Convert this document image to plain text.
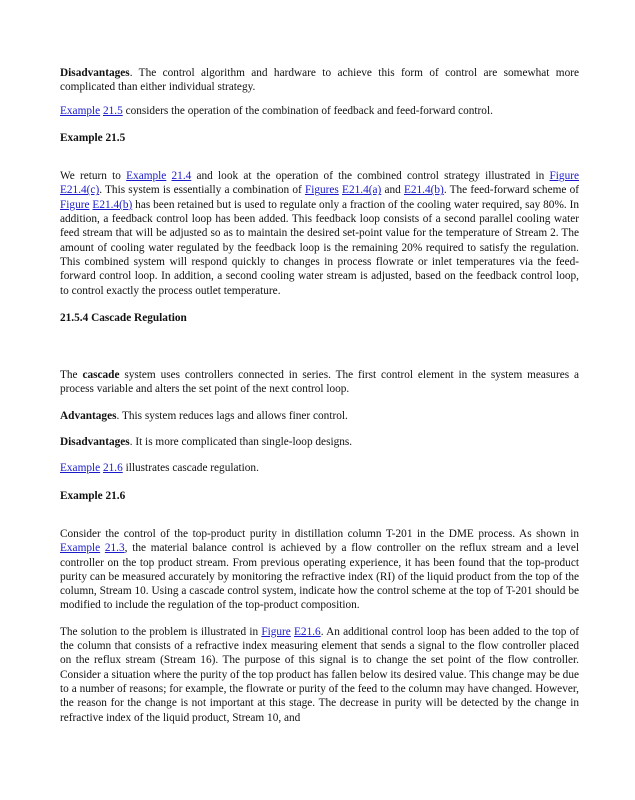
Disadvantages. The control algorithm and hardware to achieve this form of control are somewhat more complicated than either individual strategy.

Example 21.5 considers the operation of the combination of feedback and feed-forward control.

Example 21.5

We return to Example 21.4 and look at the operation of the combined control strategy illustrated in Figure E21.4(c). This system is essentially a combination of Figures E21.4(a) and E21.4(b). The feed-forward scheme of Figure E21.4(b) has been retained but is used to regulate only a fraction of the cooling water required, say 80%. In addition, a feedback control loop has been added. This feedback loop consists of a second parallel cooling water feed stream that will be adjusted so as to maintain the desired set-point value for the temperature of Stream 2. The amount of cooling water regulated by the feedback loop is the remaining 20% required to satisfy the regulation. This combined system will respond quickly to changes in process flowrate or inlet temperatures via the feed-forward control loop. In addition, a second cooling water stream is adjusted, based on the feedback control loop, to control exactly the process outlet temperature.

21.5.4 Cascade Regulation

The cascade system uses controllers connected in series. The first control element in the system measures a process variable and alters the set point of the next control loop.

Advantages. This system reduces lags and allows finer control.

Disadvantages. It is more complicated than single-loop designs.

Example 21.6 illustrates cascade regulation.

Example 21.6

Consider the control of the top-product purity in distillation column T-201 in the DME process. As shown in Example 21.3, the material balance control is achieved by a flow controller on the reflux stream and a level controller on the top product stream. From previous operating experience, it has been found that the top-product purity can be measured accurately by monitoring the refractive index (RI) of the liquid product from the top of the column, Stream 10. Using a cascade control system, indicate how the control scheme at the top of T-201 should be modified to include the regulation of the top-product composition.

The solution to the problem is illustrated in Figure E21.6. An additional control loop has been added to the top of the column that consists of a refractive index measuring element that sends a signal to the flow controller placed on the reflux stream (Stream 16). The purpose of this signal is to change the set point of the flow controller. Consider a situation where the purity of the top product has fallen below its desired value. This change may be due to a number of reasons; for example, the flowrate or purity of the feed to the column may have changed. However, the reason for the change is not important at this stage. The decrease in purity will be detected by the change in refractive index of the liquid product, Stream 10, and
